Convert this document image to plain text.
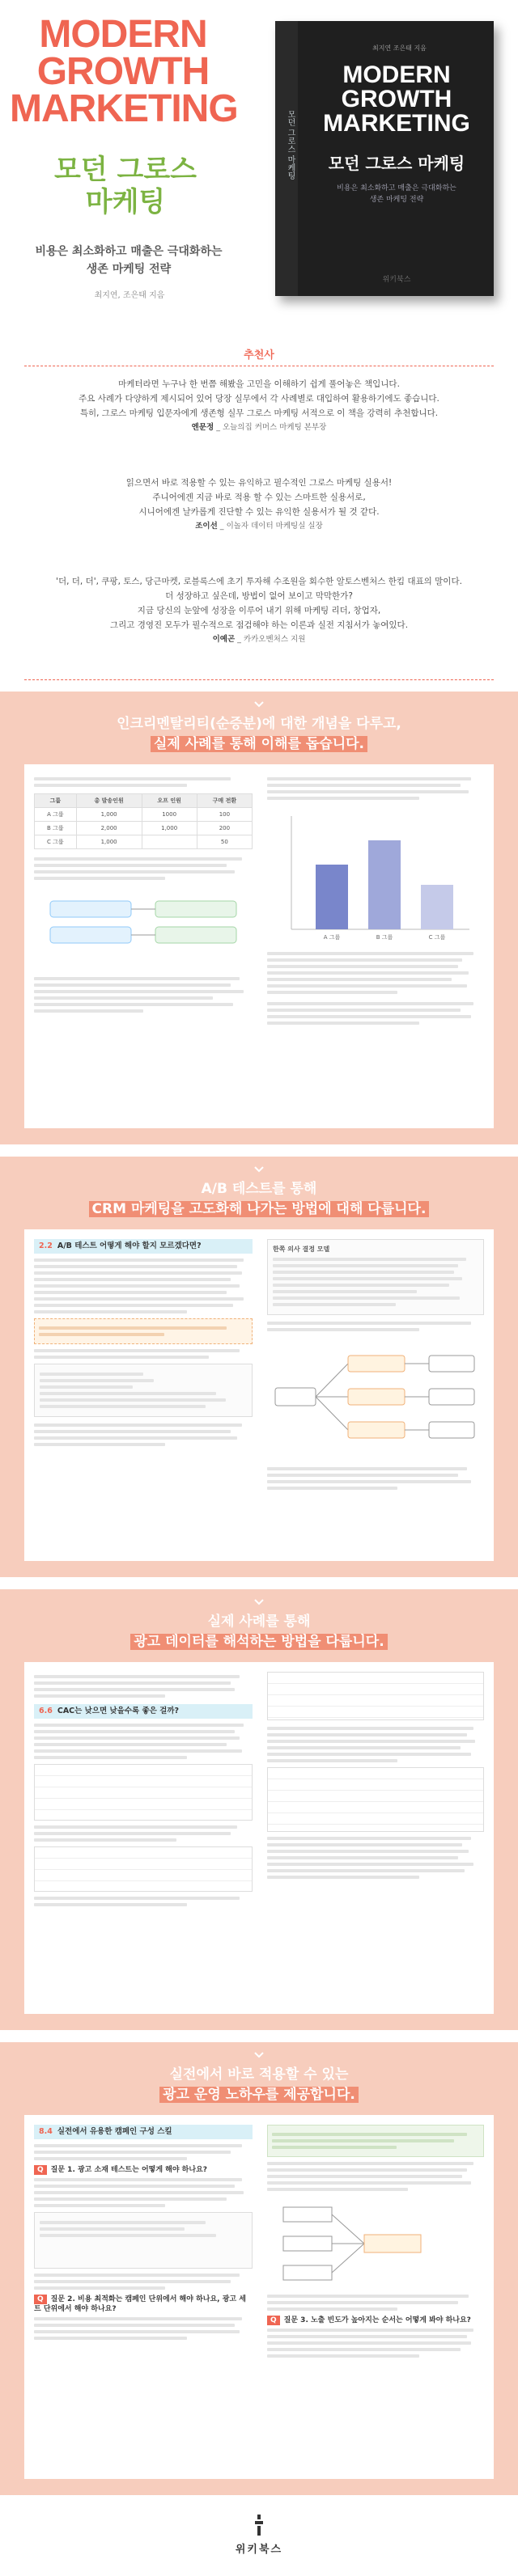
MODERN
GROWTH
MARKETING
모던 그로스
마케팅
비용은 최소화하고 매출은 극대화하는
생존 마케팅 전략
최지연, 조은태 지음
모던 그로스 마케팅
최지연 조은태 지음
MODERN
GROWTH
MARKETING
모던 그로스 마케팅
비용은 최소화하고 매출은 극대화하는
생존 마케팅 전략
위키북스
추천사
마케터라면 누구나 한 번쯤 해봤을 고민을 이해하기 쉽게 풀어놓은 책입니다.
주요 사례가 다양하게 제시되어 있어 당장 실무에서 각 사례별로 대입하여 활용하기에도 좋습니다.
특히, 그로스 마케팅 입문자에게 생존형 실무 그로스 마케팅 서적으로 이 책을 강력히 추천합니다.
엔문정 _ 오늘의집 커머스 마케팅 본부장
읽으면서 바로 적용할 수 있는 유익하고 필수적인 그로스 마케팅 실용서!
주니어에겐 지금 바로 적용 할 수 있는 스마트한 실용서로,
시니어에겐 날카롭게 진단할 수 있는 유익한 실용서가 될 것 같다.
조이선 _ 이놀자 데이터 마케팅실 실장
'더, 더, 더', 쿠팡, 토스, 당근마켓, 로블록스에 초기 투자해 수조원을 회수한 알토스벤처스 한킴 대표의 말이다.
더 성장하고 싶은데, 방법이 없어 보이고 막막한가?
지금 당신의 눈앞에 성장을 이루어 내기 위해 마케팅 리더, 창업자,
그리고 경영진 모두가 필수적으로 점검해야 하는 이론과 실전 지침서가 놓여있다.
이예곤 _ 카카오벤처스 지원
인크리멘탈리티(순증분)에 대한 개념을 다루고,
실제 사례를 통해 이해를 돕습니다.
그룹	총 발송인원	오프 인원	구매 전환
A 그룹	1,000	1000	100
B 그룹	2,000	1,000	200
C 그룹	1,000		50
A 그룹	B 그룹	C 그룹
A/B 테스트를 통해
CRM 마케팅을 고도화해 나가는 방법에 대해 다룹니다.
2.2 A/B 테스트 어떻게 해야 할지 모르겠다면?	한쪽 의사 결정 모델
실제 사례를 통해
광고 데이터를 해석하는 방법을 다룹니다.
6.6 CAC는 낮으면 낮을수록 좋은 걸까?
실전에서 바로 적용할 수 있는
광고 운영 노하우를 제공합니다.
8.4 실전에서 유용한 캠페인 구성 스킬
Q 질문 1. 광고 소재 테스트는 어떻게 해야 하나요?
Q 질문 2. 비용 최적화는 캠페인 단위에서 해야 하나요, 광고 세트 단위에서 해야 하나요?
Q 질문 3. 노출 빈도가 높아지는 순서는 어떻게 봐야 하나요?
위키북스
